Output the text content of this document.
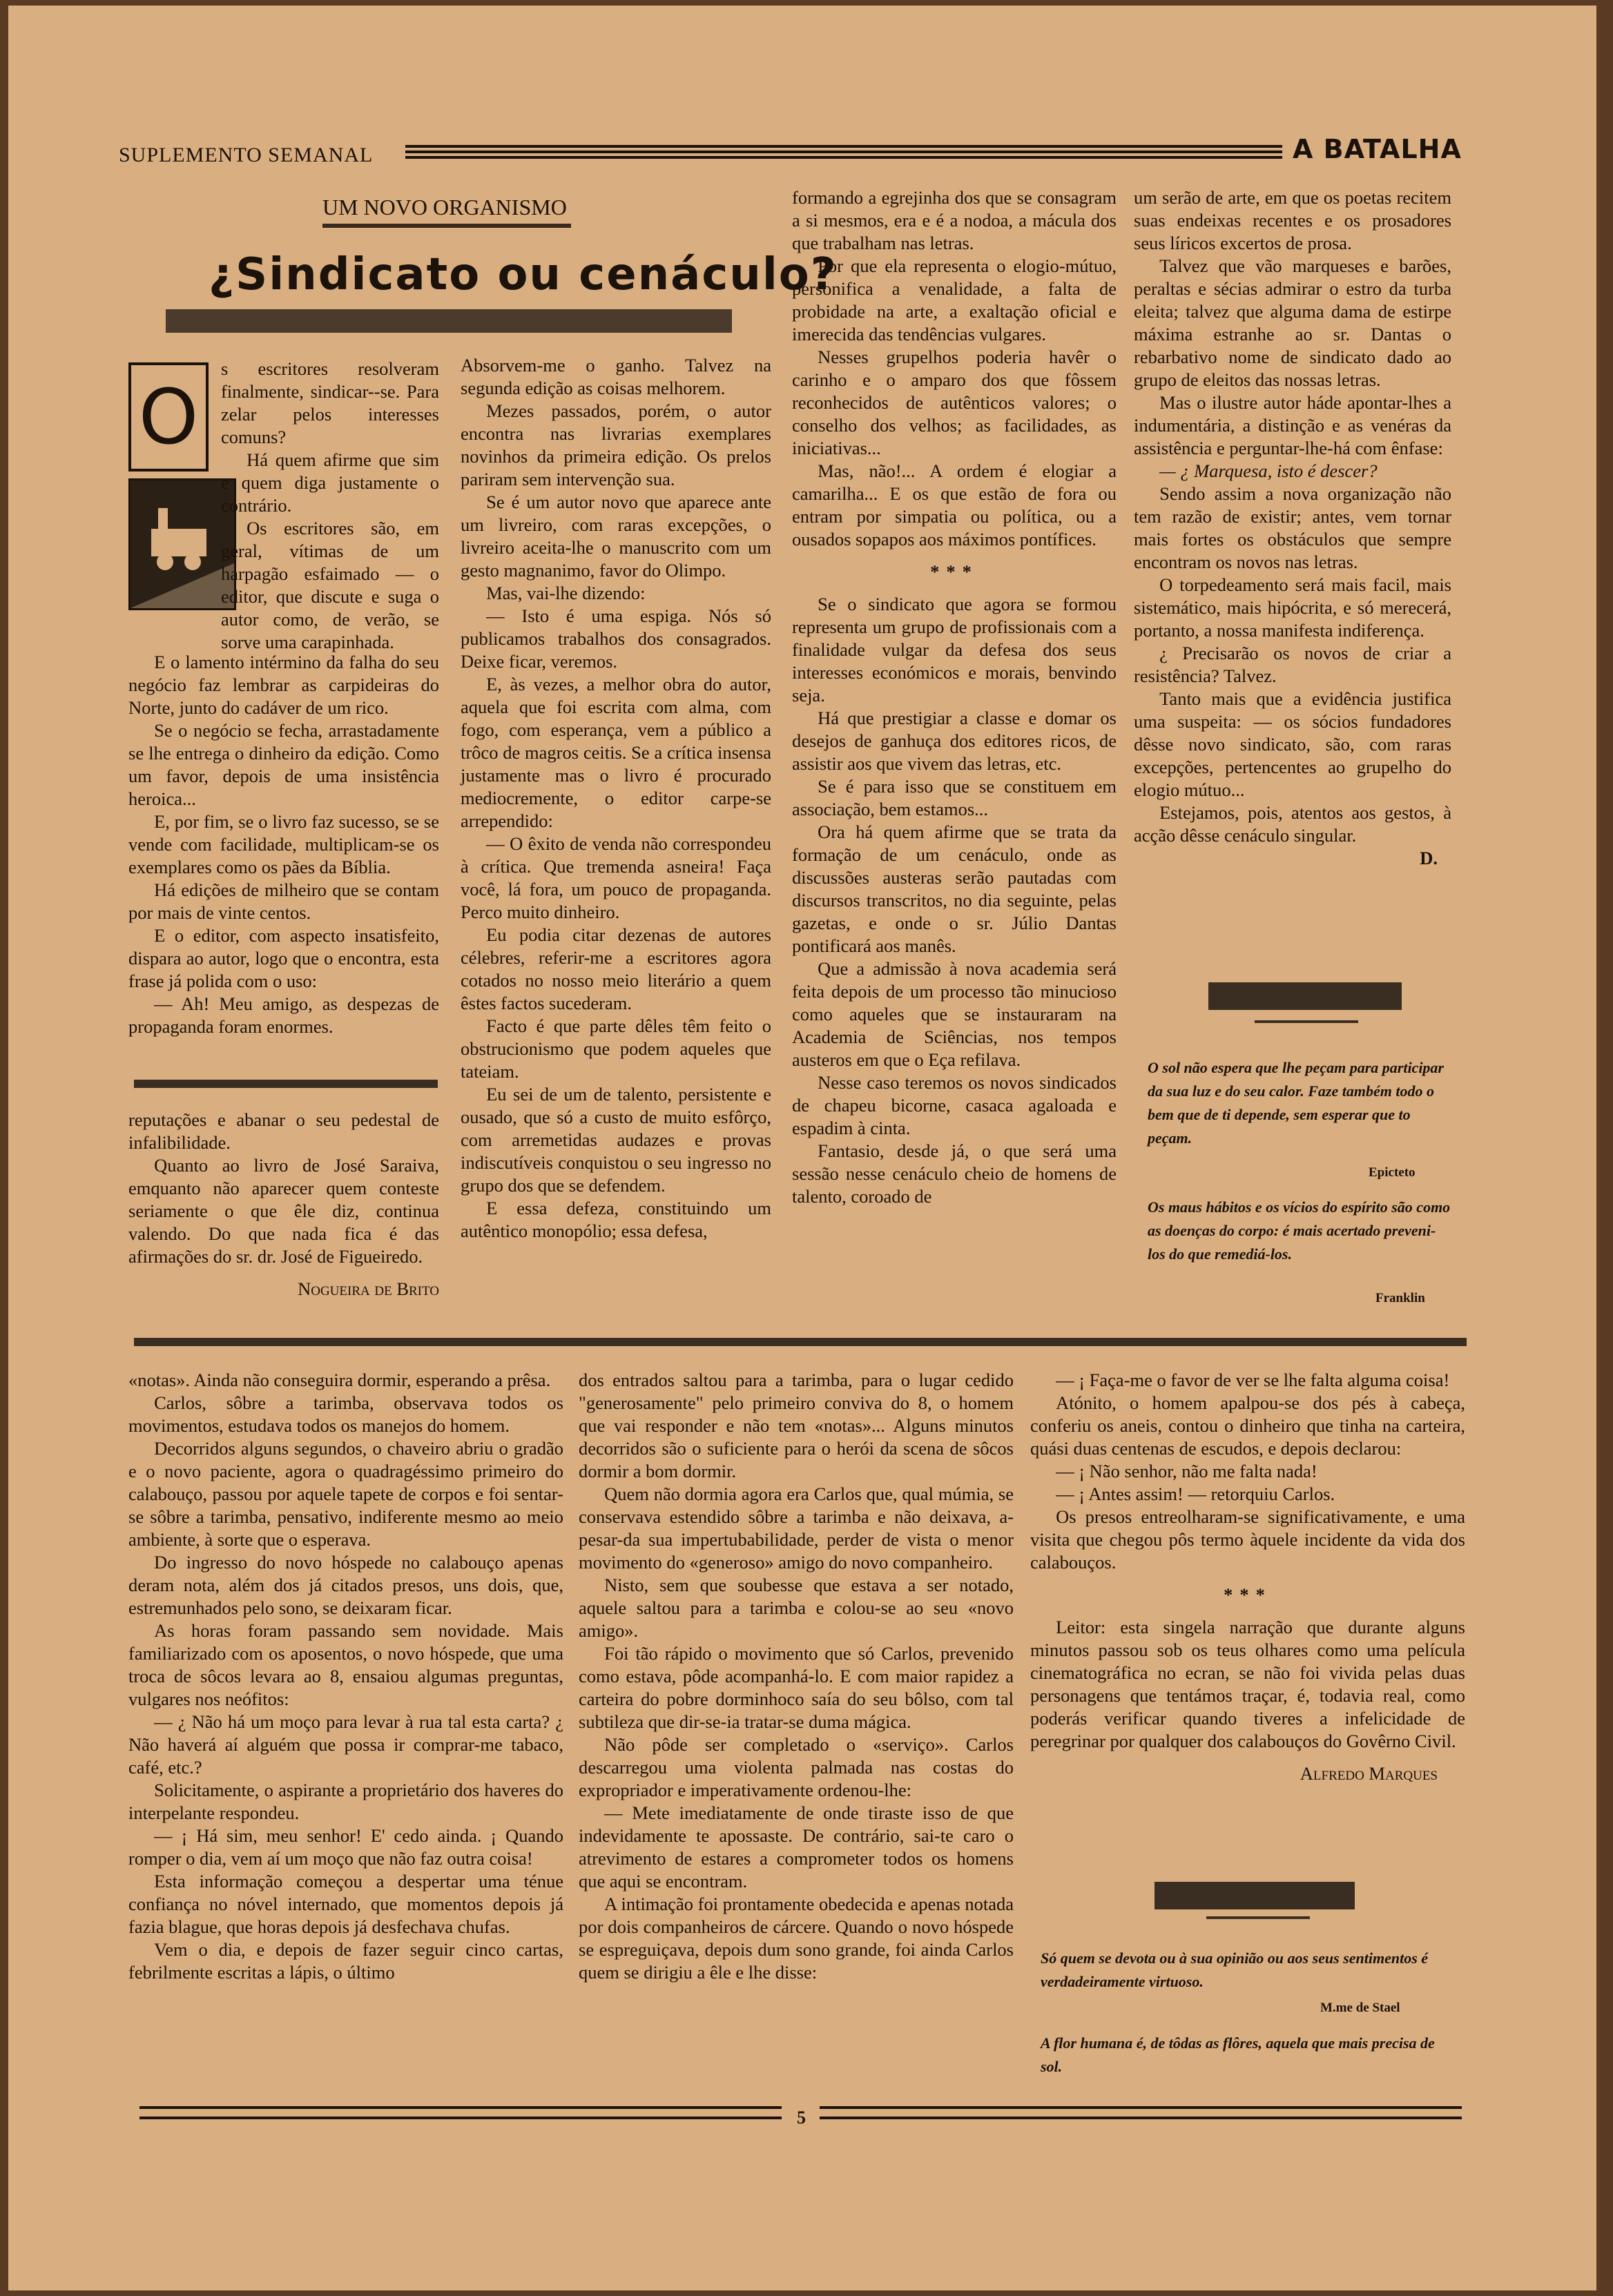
SUPLEMENTO SEMANAL	A BATALHA
UM NOVO ORGANISMO
¿Sindicato ou cenáculo?
O

s escritores resolveram finalmente, sindicar--se. Para zelar pelos interesses comuns?

Há quem afirme que sim e quem diga justamente o contrário.

Os escritores são, em geral, vítimas de um harpagão esfaimado — o editor, que discute e suga o autor como, de verão, se sorve uma carapinhada.

E o lamento intérmino da falha do seu negócio faz lembrar as carpideiras do Norte, junto do cadáver de um rico.

Se o negócio se fecha, arrastadamente se lhe entrega o dinheiro da edição. Como um favor, depois de uma insistência heroica...

E, por fim, se o livro faz sucesso, se se vende com facilidade, multiplicam-se os exemplares como os pães da Bíblia.

Há edições de milheiro que se contam por mais de vinte centos.

E o editor, com aspecto insatisfeito, dispara ao autor, logo que o encontra, esta frase já polida com o uso:

— Ah! Meu amigo, as despezas de propaganda foram enormes.

reputações e abanar o seu pedestal de infalibilidade.

Quanto ao livro de José Saraiva, emquanto não aparecer quem conteste seriamente o que êle diz, continua valendo. Do que nada fica é das afirmações do sr. dr. José de Figueiredo.

Nogueira de Brito

Absorvem-me o ganho. Talvez na segunda edição as coisas melhorem.

Mezes passados, porém, o autor encontra nas livrarias exemplares novinhos da primeira edição. Os prelos pariram sem intervenção sua.

Se é um autor novo que aparece ante um livreiro, com raras excepções, o livreiro aceita-lhe o manuscrito com um gesto magnanimo, favor do Olimpo.

Mas, vai-lhe dizendo:

— Isto é uma espiga. Nós só publicamos trabalhos dos consagrados. Deixe ficar, veremos.

E, às vezes, a melhor obra do autor, aquela que foi escrita com alma, com fogo, com esperança, vem a público a trôco de magros ceitis. Se a crítica insensa justamente mas o livro é procurado mediocremente, o editor carpe-se arrependido:

— O êxito de venda não correspondeu à crítica. Que tremenda asneira! Faça você, lá fora, um pouco de propaganda. Perco muito dinheiro.

Eu podia citar dezenas de autores célebres, referir-me a escritores agora cotados no nosso meio literário a quem êstes factos sucederam.

Facto é que parte dêles têm feito o obstrucionismo que podem aqueles que tateiam.

Eu sei de um de talento, persistente e ousado, que só a custo de muito esfôrço, com arremetidas audazes e provas indiscutíveis conquistou o seu ingresso no grupo dos que se defendem.

E essa defeza, constituindo um autêntico monopólio; essa defesa,

formando a egrejinha dos que se consagram a si mesmos, era e é a nodoa, a mácula dos que trabalham nas letras.

Por que ela representa o elogio-mútuo, personifica a venalidade, a falta de probidade na arte, a exaltação oficial e imerecida das tendências vulgares.

Nesses grupelhos poderia havêr o carinho e o amparo dos que fôssem reconhecidos de autênticos valores; o conselho dos velhos; as facilidades, as iniciativas...

Mas, não!... A ordem é elogiar a camarilha... E os que estão de fora ou entram por simpatia ou política, ou a ousados sopapos aos máximos pontífices.

***

Se o sindicato que agora se formou representa um grupo de profissionais com a finalidade vulgar da defesa dos seus interesses económicos e morais, benvindo seja.

Há que prestigiar a classe e domar os desejos de ganhuça dos editores ricos, de assistir aos que vivem das letras, etc.

Se é para isso que se constituem em associação, bem estamos...

Ora há quem afirme que se trata da formação de um cenáculo, onde as discussões austeras serão pautadas com discursos transcritos, no dia seguinte, pelas gazetas, e onde o sr. Júlio Dantas pontificará aos manês.

Que a admissão à nova academia será feita depois de um processo tão minucioso como aqueles que se instauraram na Academia de Sciências, nos tempos austeros em que o Eça refilava.

Nesse caso teremos os novos sindicados de chapeu bicorne, casaca agaloada e espadim à cinta.

Fantasio, desde já, o que será uma sessão nesse cenáculo cheio de homens de talento, coroado de

um serão de arte, em que os poetas recitem suas endeixas recentes e os prosadores seus líricos excertos de prosa.

Talvez que vão marqueses e barões, peraltas e sécias admirar o estro da turba eleita; talvez que alguma dama de estirpe máxima estranhe ao sr. Dantas o rebarbativo nome de sindicato dado ao grupo de eleitos das nossas letras.

Mas o ilustre autor háde apontar-lhes a indumentária, a distinção e as venéras da assistência e perguntar-lhe-há com ênfase:

— ¿ Marquesa, isto é descer?

Sendo assim a nova organização não tem razão de existir; antes, vem tornar mais fortes os obstáculos que sempre encontram os novos nas letras.

O torpedeamento será mais facil, mais sistemático, mais hipócrita, e só merecerá, portanto, a nossa manifesta indiferença.

¿ Precisarão os novos de criar a resistência? Talvez.

Tanto mais que a evidência justifica uma suspeita: — os sócios fundadores dêsse novo sindicato, são, com raras excepções, pertencentes ao grupelho do elogio mútuo...

Estejamos, pois, atentos aos gestos, à acção dêsse cenáculo singular.

D.

O sol não espera que lhe peçam para participar da sua luz e do seu calor. Faze também todo o bem que de ti depende, sem esperar que to peçam.
Epicteto
Os maus hábitos e os vícios do espírito são como as doenças do corpo: é mais acertado preveni-los do que remediá-los.
Franklin

«notas». Ainda não conseguira dormir, esperando a prêsa.

Carlos, sôbre a tarimba, observava todos os movimentos, estudava todos os manejos do homem.

Decorridos alguns segundos, o chaveiro abriu o gradão e o novo paciente, agora o quadragéssimo primeiro do calabouço, passou por aquele tapete de corpos e foi sentar-se sôbre a tarimba, pensativo, indiferente mesmo ao meio ambiente, à sorte que o esperava.

Do ingresso do novo hóspede no calabouço apenas deram nota, além dos já citados presos, uns dois, que, estremunhados pelo sono, se deixaram ficar.

As horas foram passando sem novidade. Mais familiarizado com os aposentos, o novo hóspede, que uma troca de sôcos levara ao 8, ensaiou algumas preguntas, vulgares nos neófitos:

— ¿ Não há um moço para levar à rua tal esta carta? ¿ Não haverá aí alguém que possa ir comprar-me tabaco, café, etc.?

Solicitamente, o aspirante a proprietário dos haveres do interpelante respondeu.

— ¡ Há sim, meu senhor! E' cedo ainda. ¡ Quando romper o dia, vem aí um moço que não faz outra coisa!

Esta informação começou a despertar uma ténue confiança no nóvel internado, que momentos depois já fazia blague, que horas depois já desfechava chufas.

Vem o dia, e depois de fazer seguir cinco cartas, febrilmente escritas a lápis, o último

dos entrados saltou para a tarimba, para o lugar cedido "generosamente" pelo primeiro conviva do 8, o homem que vai responder e não tem «notas»... Alguns minutos decorridos são o suficiente para o herói da scena de sôcos dormir a bom dormir.

Quem não dormia agora era Carlos que, qual múmia, se conservava estendido sôbre a tarimba e não deixava, a-pesar-da sua impertubabilidade, perder de vista o menor movimento do «generoso» amigo do novo companheiro.

Nisto, sem que soubesse que estava a ser notado, aquele saltou para a tarimba e colou-se ao seu «novo amigo».

Foi tão rápido o movimento que só Carlos, prevenido como estava, pôde acompanhá-lo. E com maior rapidez a carteira do pobre dorminhoco saía do seu bôlso, com tal subtileza que dir-se-ia tratar-se duma mágica.

Não pôde ser completado o «serviço». Carlos descarregou uma violenta palmada nas costas do expropriador e imperativamente ordenou-lhe:

— Mete imediatamente de onde tiraste isso de que indevidamente te apossaste. De contrário, sai-te caro o atrevimento de estares a comprometer todos os homens que aqui se encontram.

A intimação foi prontamente obedecida e apenas notada por dois companheiros de cárcere. Quando o novo hóspede se espreguiçava, depois dum sono grande, foi ainda Carlos quem se dirigiu a êle e lhe disse:

— ¡ Faça-me o favor de ver se lhe falta alguma coisa!

Atónito, o homem apalpou-se dos pés à cabeça, conferiu os aneis, contou o dinheiro que tinha na carteira, quási duas centenas de escudos, e depois declarou:

— ¡ Não senhor, não me falta nada!

— ¡ Antes assim! — retorquiu Carlos.

Os presos entreolharam-se significativamente, e uma visita que chegou pôs termo àquele incidente da vida dos calabouços.

***

Leitor: esta singela narração que durante alguns minutos passou sob os teus olhares como uma película cinematográfica no ecran, se não foi vivida pelas duas personagens que tentámos traçar, é, todavia real, como poderás verificar quando tiveres a infelicidade de peregrinar por qualquer dos calabouços do Govêrno Civil.

Alfredo Marques

Só quem se devota ou à sua opinião ou aos seus sentimentos é verdadeiramente virtuoso.
M.me de Stael
A flor humana é, de tôdas as flôres, aquela que mais precisa de sol.
5
